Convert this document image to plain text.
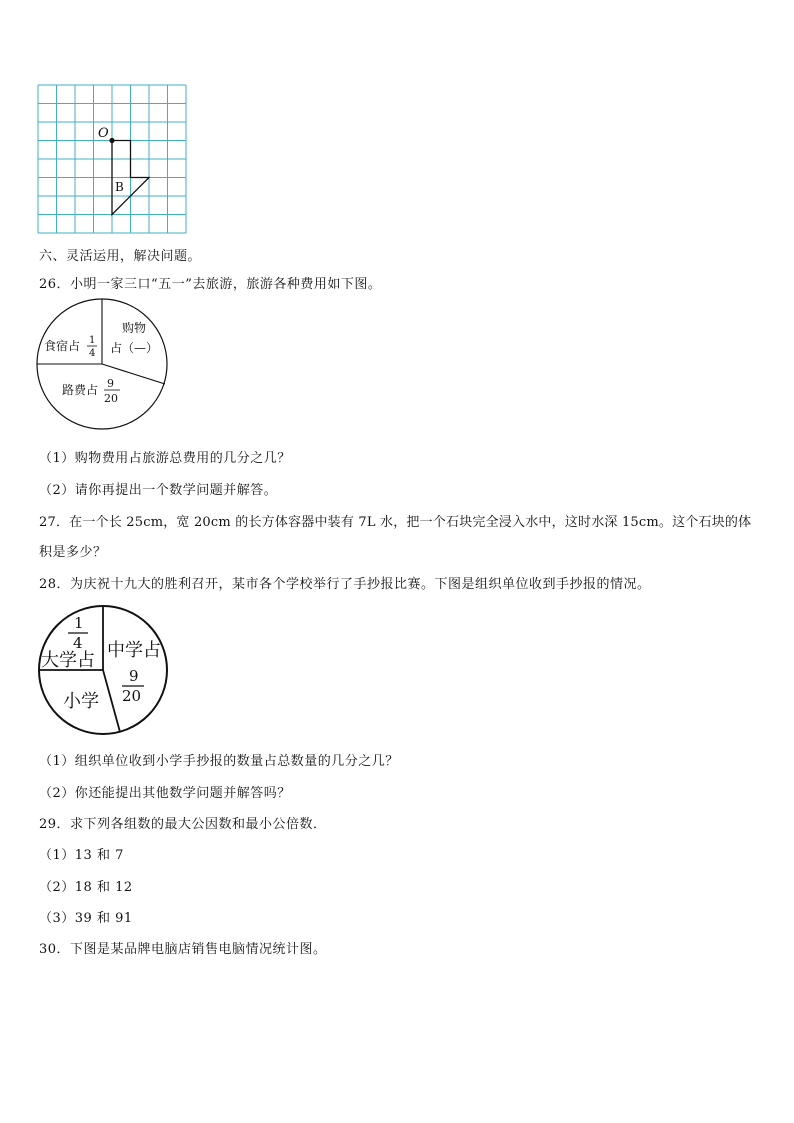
O
B
六、灵活运用，解决问题。
26．小明一家三口“五一”去旅游，旅游各种费用如下图。
食宿占 1
4
购物
占（—）
路费占 9
20
（1）购物费用占旅游总费用的几分之几？
（2）请你再提出一个数学问题并解答。
27．在一个长 25cm，宽 20cm 的长方体容器中装有 7L 水，把一个石块完全浸入水中，这时水深 15cm。这个石块的体
积是多少？
28．为庆祝十九大的胜利召开，某市各个学校举行了手抄报比赛。下图是组织单位收到手抄报的情况。
1
4
大学占 中学占
9
20
小学
（1）组织单位收到小学手抄报的数量占总数量的几分之几？
（2）你还能提出其他数学问题并解答吗？
29．求下列各组数的最大公因数和最小公倍数．
（1）13 和 7
（2）18 和 12
（3）39 和 91
30．下图是某品牌电脑店销售电脑情况统计图。
